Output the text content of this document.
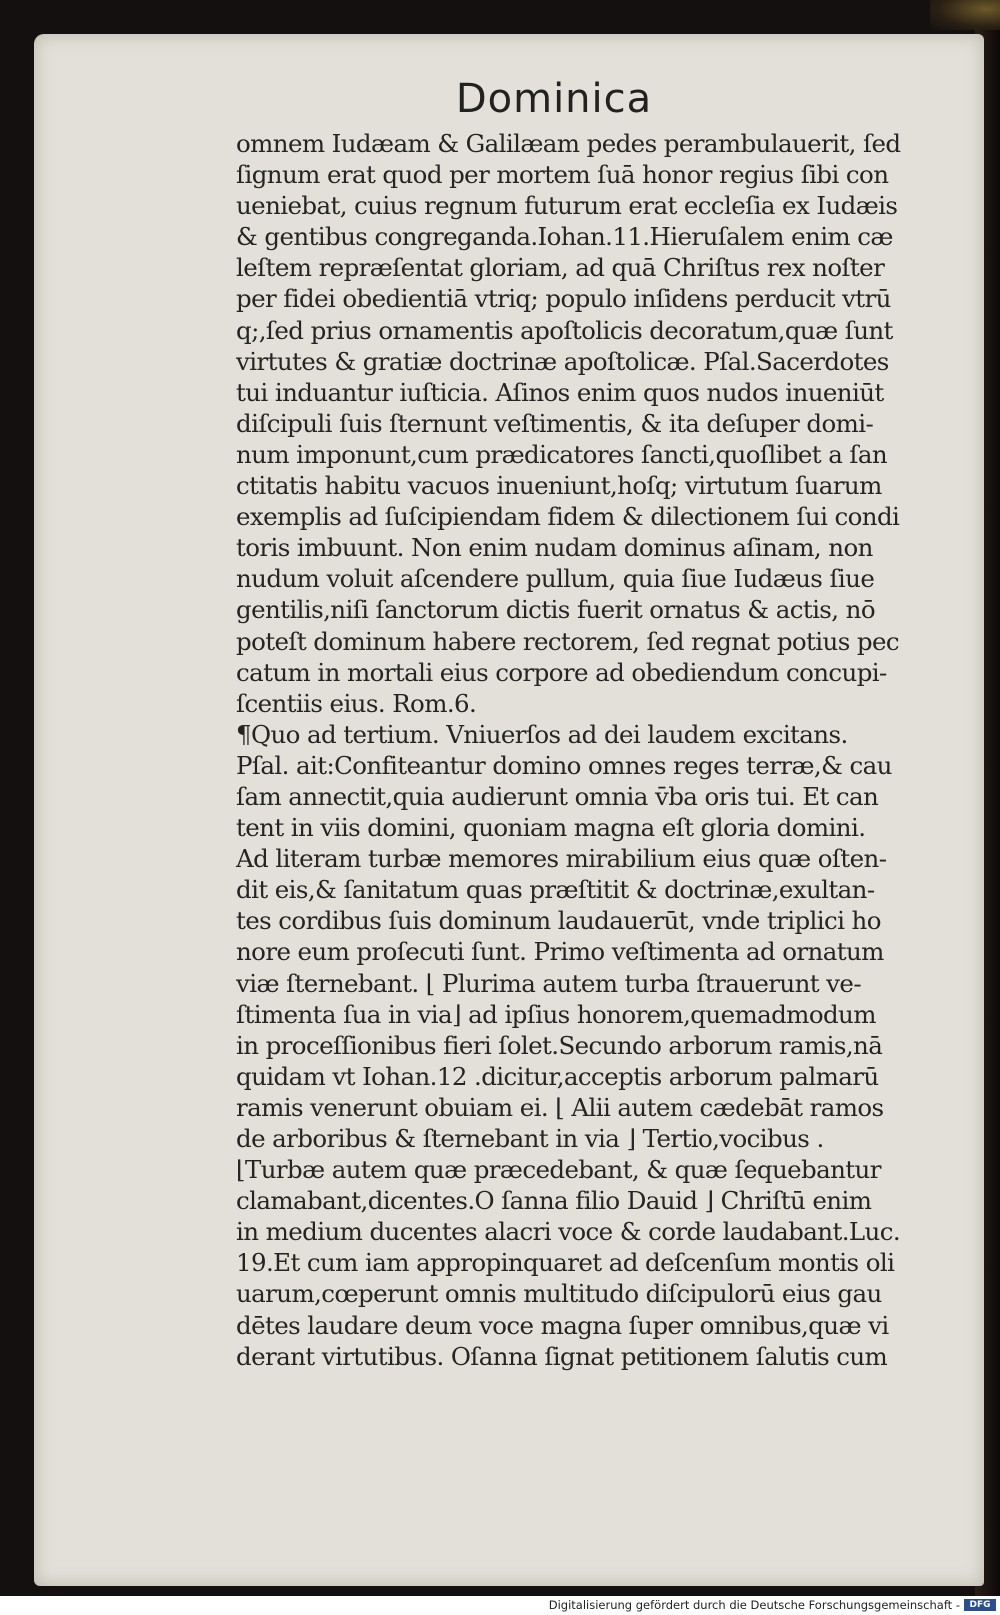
Dominica
omnem Iudæam & Galilæam pedes perambulauerit, ſed
ſignum erat quod per mortem ſuā honor regius ſibi con
ueniebat, cuius regnum futurum erat eccleſia ex Iudæis
& gentibus congreganda.Iohan.11.Hieruſalem enim cæ
leſtem repræſentat gloriam, ad quā Chriſtus rex noſter
per fidei obedientiā vtriq; populo inſidens perducit vtrū
q;,ſed prius ornamentis apoſtolicis decoratum,quæ ſunt
virtutes & gratiæ doctrinæ apoſtolicæ. Pſal.Sacerdotes
tui induantur iuſticia. Aſinos enim quos nudos inueniūt
diſcipuli ſuis ſternunt veſtimentis, & ita deſuper domi-
num imponunt,cum prædicatores ſancti,quoſlibet a ſan
ctitatis habitu vacuos inueniunt,hoſq; virtutum ſuarum
exemplis ad ſuſcipiendam fidem & dilectionem ſui condi
toris imbuunt. Non enim nudam dominus aſinam, non
nudum voluit aſcendere pullum, quia ſiue Iudæus ſiue
gentilis,niſi ſanctorum dictis fuerit ornatus & actis, nō
poteſt dominum habere rectorem, ſed regnat potius pec
catum in mortali eius corpore ad obediendum concupi-
ſcentiis eius. Rom.6.
¶Quo ad tertium. Vniuerſos ad dei laudem excitans.
Pſal. ait:Confiteantur domino omnes reges terræ,& cau
ſam annectit,quia audierunt omnia v̄ba oris tui. Et can
tent in viis domini, quoniam magna eſt gloria domini.
Ad literam turbæ memores mirabilium eius quæ oſten-
dit eis,& ſanitatum quas præſtitit & doctrinæ,exultan-
tes cordibus ſuis dominum laudauerūt, vnde triplici ho
nore eum proſecuti ſunt. Primo veſtimenta ad ornatum
viæ ſternebant. ⌊ Plurima autem turba ſtrauerunt ve-
ſtimenta ſua in via⌋ ad ipſius honorem,quemadmodum
in proceſſionibus fieri ſolet.Secundo arborum ramis,nā
quidam vt Iohan.12 .dicitur,acceptis arborum palmarū
ramis venerunt obuiam ei. ⌊ Alii autem cædebāt ramos
de arboribus & ſternebant in via ⌋ Tertio,vocibus .
⌊Turbæ autem quæ præcedebant, & quæ ſequebantur
clamabant,dicentes.O ſanna filio Dauid ⌋ Chriſtū enim
in medium ducentes alacri voce & corde laudabant.Luc.
19.Et cum iam appropinquaret ad deſcenſum montis oli
uarum,cœperunt omnis multitudo diſcipulorū eius gau
dētes laudare deum voce magna ſuper omnibus,quæ vi
derant virtutibus. Oſanna ſignat petitionem ſalutis cum
Digitalisierung gefördert durch die Deutsche Forschungsgemeinschaft -	DFG
